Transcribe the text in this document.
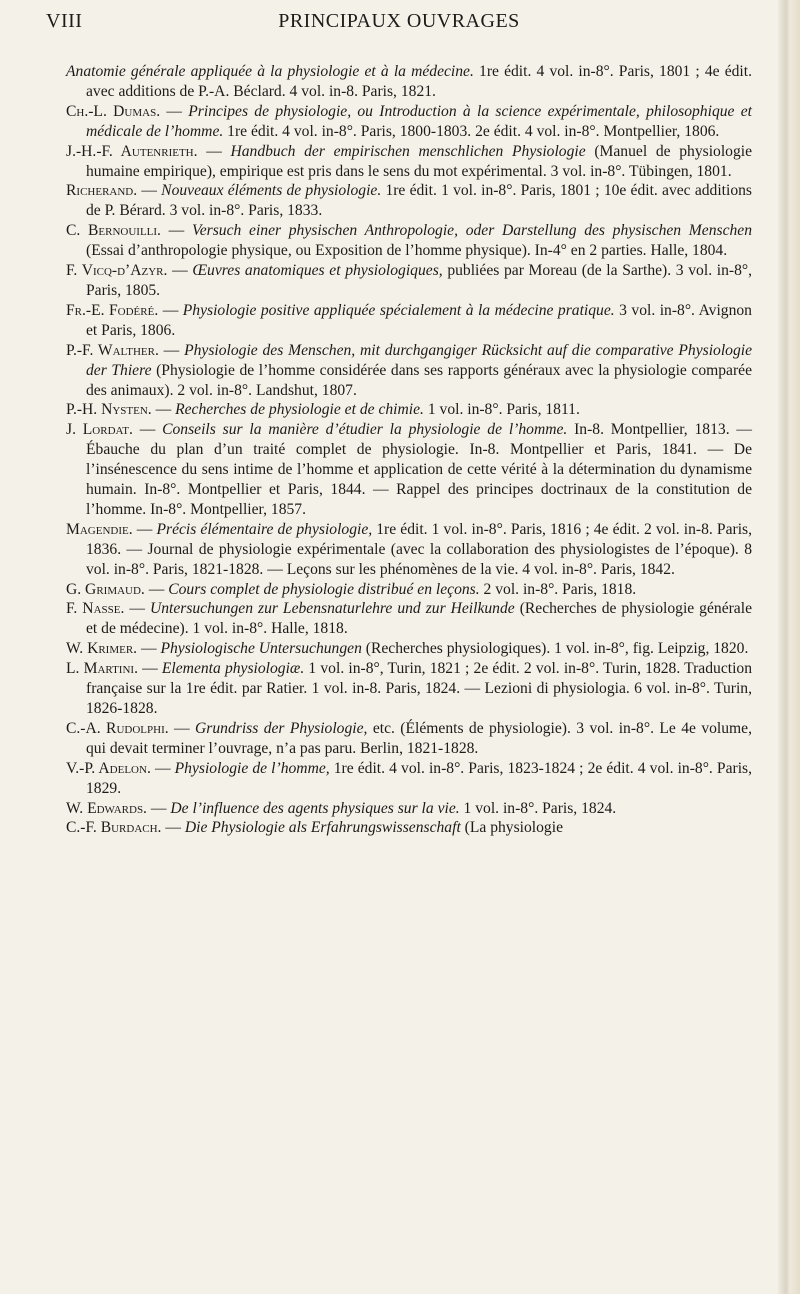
VIII	PRINCIPAUX OUVRAGES

Anatomie générale appliquée à la physiologie et à la médecine. 1re édit. 4 vol. in-8°. Paris, 1801 ; 4e édit. avec additions de P.-A. Béclard. 4 vol. in-8. Paris, 1821.

Ch.-L. Dumas. — Principes de physiologie, ou Introduction à la science expérimentale, philosophique et médicale de l’homme. 1re édit. 4 vol. in-8°. Paris, 1800-1803. 2e édit. 4 vol. in-8°. Montpellier, 1806.

J.-H.-F. Autenrieth. — Handbuch der empirischen menschlichen Physiologie (Manuel de physiologie humaine empirique), empirique est pris dans le sens du mot expérimental. 3 vol. in-8°. Tübingen, 1801.

Richerand. — Nouveaux éléments de physiologie. 1re édit. 1 vol. in-8°. Paris, 1801 ; 10e édit. avec additions de P. Bérard. 3 vol. in-8°. Paris, 1833.

C. Bernouilli. — Versuch einer physischen Anthropologie, oder Darstellung des physischen Menschen (Essai d’anthropologie physique, ou Exposition de l’homme physique). In-4° en 2 parties. Halle, 1804.

F. Vicq-d’Azyr. — Œuvres anatomiques et physiologiques, publiées par Moreau (de la Sarthe). 3 vol. in-8°, Paris, 1805.

Fr.-E. Fodéré. — Physiologie positive appliquée spécialement à la médecine pratique. 3 vol. in-8°. Avignon et Paris, 1806.

P.-F. Walther. — Physiologie des Menschen, mit durchgangiger Rücksicht auf die comparative Physiologie der Thiere (Physiologie de l’homme considérée dans ses rapports généraux avec la physiologie comparée des animaux). 2 vol. in-8°. Landshut, 1807.

P.-H. Nysten. — Recherches de physiologie et de chimie. 1 vol. in-8°. Paris, 1811.

J. Lordat. — Conseils sur la manière d’étudier la physiologie de l’homme. In-8. Montpellier, 1813. — Ébauche du plan d’un traité complet de physiologie. In-8. Montpellier et Paris, 1841. — De l’insénescence du sens intime de l’homme et application de cette vérité à la détermination du dynamisme humain. In-8°. Montpellier et Paris, 1844. — Rappel des principes doctrinaux de la constitution de l’homme. In-8°. Montpellier, 1857.

Magendie. — Précis élémentaire de physiologie, 1re édit. 1 vol. in-8°. Paris, 1816 ; 4e édit. 2 vol. in-8. Paris, 1836. — Journal de physiologie expérimentale (avec la collaboration des physiologistes de l’époque). 8 vol. in-8°. Paris, 1821-1828. — Leçons sur les phénomènes de la vie. 4 vol. in-8°. Paris, 1842.

G. Grimaud. — Cours complet de physiologie distribué en leçons. 2 vol. in-8°. Paris, 1818.

F. Nasse. — Untersuchungen zur Lebensnaturlehre und zur Heilkunde (Recherches de physiologie générale et de médecine). 1 vol. in-8°. Halle, 1818.

W. Krimer. — Physiologische Untersuchungen (Recherches physiologiques). 1 vol. in-8°, fig. Leipzig, 1820.

L. Martini. — Elementa physiologiæ. 1 vol. in-8°, Turin, 1821 ; 2e édit. 2 vol. in-8°. Turin, 1828. Traduction française sur la 1re édit. par Ratier. 1 vol. in-8. Paris, 1824. — Lezioni di physiologia. 6 vol. in-8°. Turin, 1826-1828.

C.-A. Rudolphi. — Grundriss der Physiologie, etc. (Éléments de physiologie). 3 vol. in-8°. Le 4e volume, qui devait terminer l’ouvrage, n’a pas paru. Berlin, 1821-1828.

V.-P. Adelon. — Physiologie de l’homme, 1re édit. 4 vol. in-8°. Paris, 1823-1824 ; 2e édit. 4 vol. in-8°. Paris, 1829.

W. Edwards. — De l’influence des agents physiques sur la vie. 1 vol. in-8°. Paris, 1824.

C.-F. Burdach. — Die Physiologie als Erfahrungswissenschaft (La physiologie
